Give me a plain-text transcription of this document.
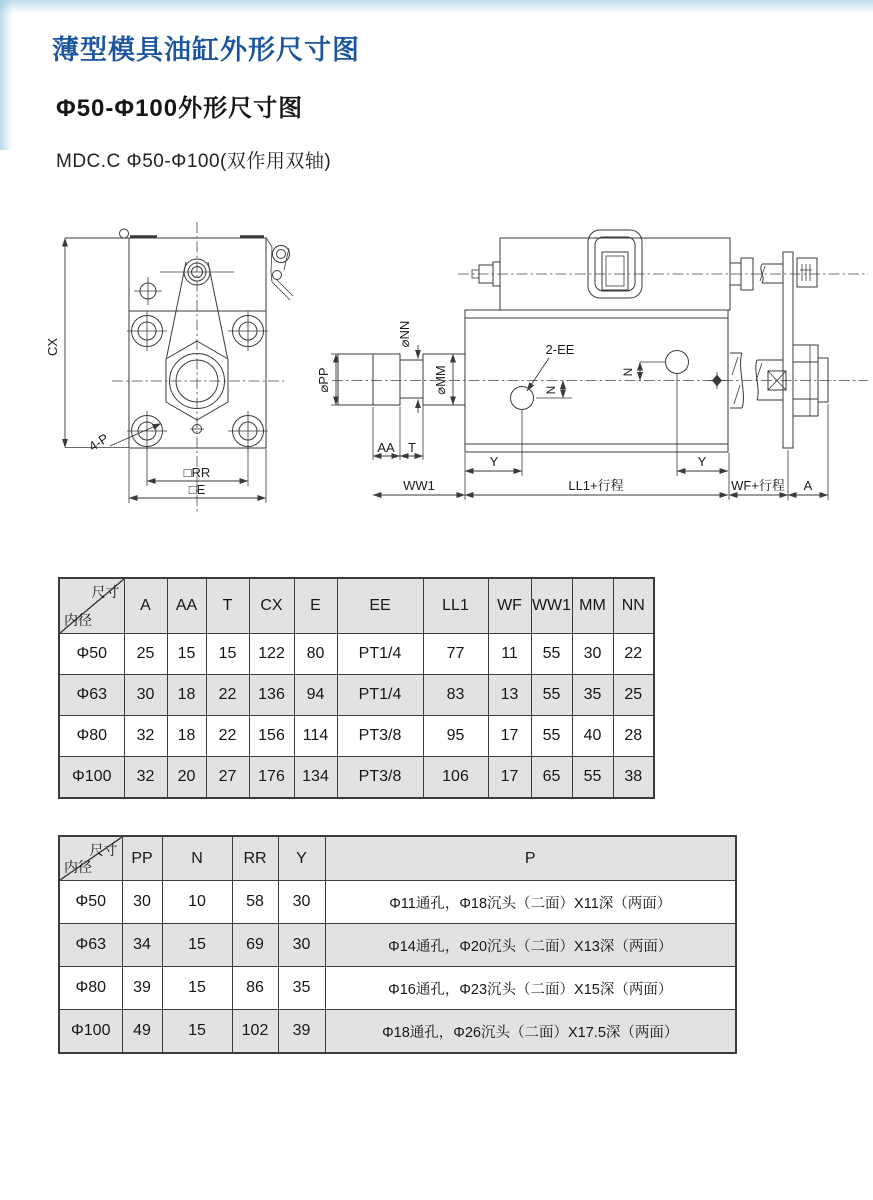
薄型模具油缸外形尺寸图
Φ50-Φ100外形尺寸图
MDC.C Φ50-Φ100(双作用双轴)
CX
4-P
□RR
□E
⌀PP
⌀NN
⌀MM
2-EE
N
N
AA T
Y	Y
WW1	LL1+行程	WF+行程 A
尺寸
内径	A	AA	T	CX	E	EE	LL1	WF	WW1	MM	NN
Φ50	25	15	15	122	80	PT1/4	77	11	55	30	22
Φ63	30	18	22	136	94	PT1/4	83	13	55	35	25
Φ80	32	18	22	156	114	PT3/8	95	17	55	40	28
Φ100	32	20	27	176	134	PT3/8	106	17	65	55	38
尺寸
内径	PP	N	RR	Y	P
Φ50	30	10	58	30	Φ11通孔，Φ18沉头（二面）X11深（两面）
Φ63	34	15	69	30	Φ14通孔，Φ20沉头（二面）X13深（两面）
Φ80	39	15	86	35	Φ16通孔，Φ23沉头（二面）X15深（两面）
Φ100	49	15	102	39	Φ18通孔，Φ26沉头（二面）X17.5深（两面）
